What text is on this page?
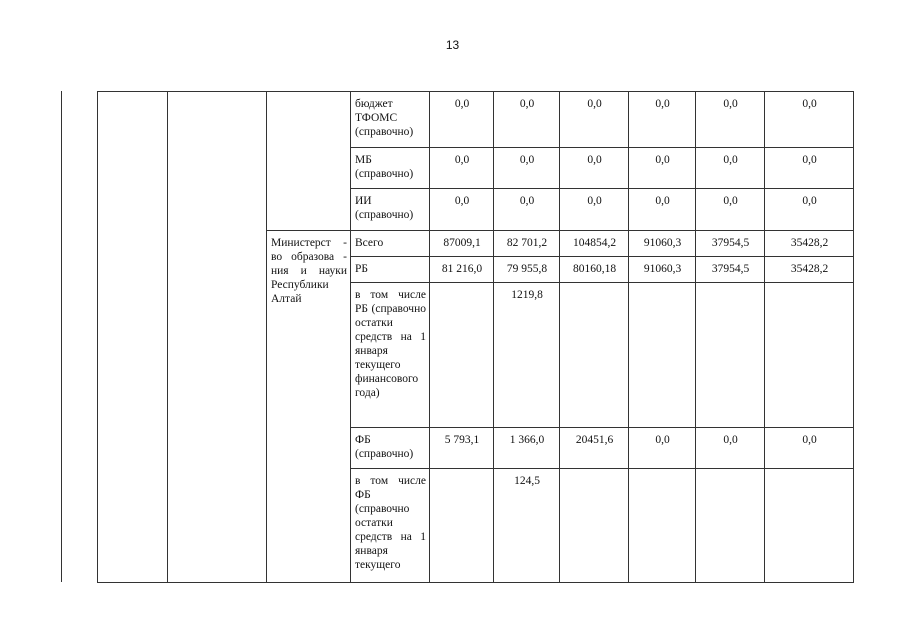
13
			бюджет ТФОМС (справочно)	0,0	0,0	0,0	0,0	0,0	0,0
			МБ (справочно)	0,0	0,0	0,0	0,0	0,0	0,0
			ИИ (справочно)	0,0	0,0	0,0	0,0	0,0	0,0
		Министерст - во образова - ния и науки Республики Алтай	Всего	87009,1	82 701,2	104854,2	91060,3	37954,5	35428,2
			РБ	81 216,0	79 955,8	80160,18	91060,3	37954,5	35428,2
			в том числе РБ (справочно остатки средств на 1 января текущего финансового года)		1219,8				
			ФБ (справочно)	5 793,1	1 366,0	20451,6	0,0	0,0	0,0
			в том числе ФБ (справочно остатки средств на 1 января текущего		124,5				
